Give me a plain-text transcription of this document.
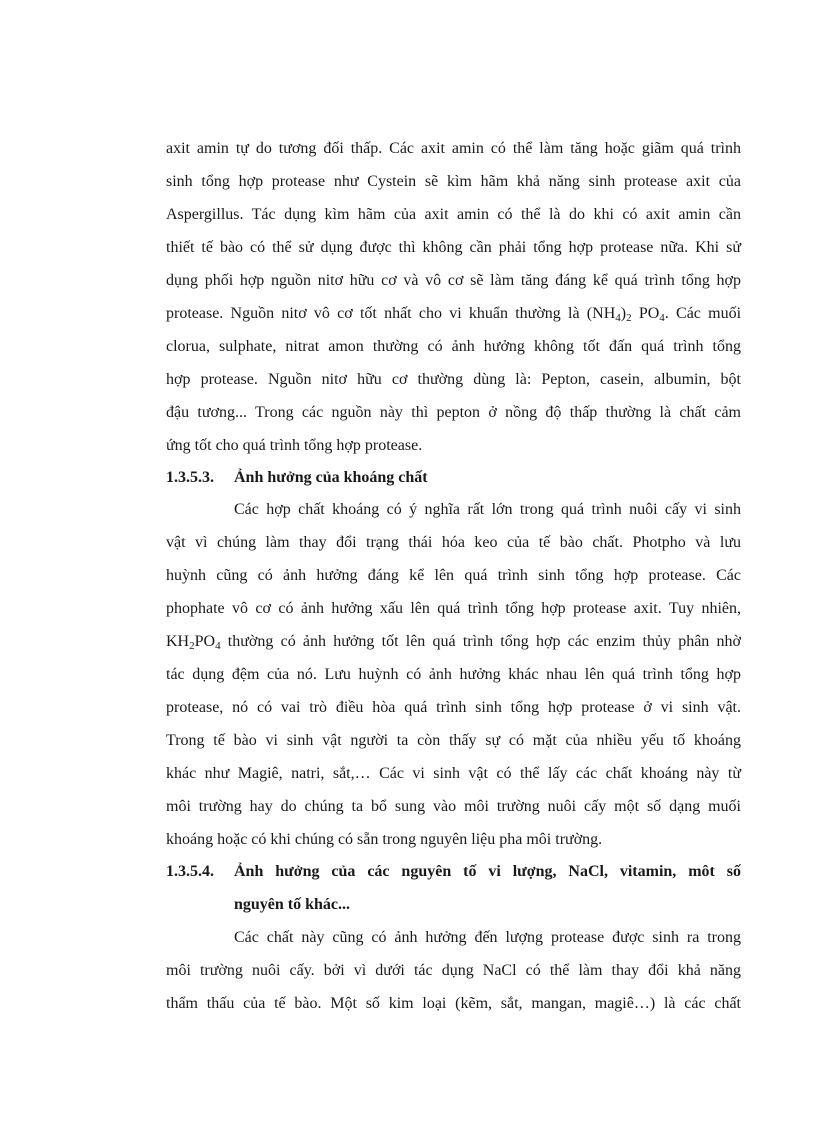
axit amin tự do tương đối thấp. Các axit amin có thể làm tăng hoặc giãm quá trình
sinh tổng hợp protease như Cystein sẽ kìm hãm khả năng sinh protease axit của
Aspergillus. Tác dụng kìm hãm của axit amin có thể là do khi có axit amin cần
thiết tế bào có thể sử dụng được thì không cần phải tổng hợp protease nữa. Khi sử
dụng phối hợp nguồn nitơ hữu cơ và vô cơ sẽ làm tăng đáng kể quá trình tổng hợp
protease. Nguồn nitơ vô cơ tốt nhất cho vi khuẩn thường là $(NH_4)_2$ $PO_4$. Các muối
clorua, sulphate, nitrat amon thường có ảnh hưởng không tốt đấn quá trình tổng
hợp protease. Nguồn nitơ hữu cơ thường dùng là: Pepton, casein, albumin, bột
đậu tương... Trong các nguồn này thì pepton ở nồng độ thấp thường là chất cảm
ứng tốt cho quá trình tổng hợp protease.
1.3.5.3. Ảnh hưởng của khoáng chất
Các hợp chất khoáng có ý nghĩa rất lớn trong quá trình nuôi cấy vi sinh
vật vì chúng làm thay đổi trạng thái hóa keo của tế bào chất. Photpho và lưu
huỳnh cũng có ảnh hưởng đáng kể lên quá trình sinh tổng hợp protease. Các
phophate vô cơ có ảnh hưởng xấu lên quá trình tổng hợp protease axit. Tuy nhiên,
$KH_2PO_4$ thường có ảnh hưởng tốt lên quá trình tổng hợp các enzim thủy phân nhờ
tác dụng đệm của nó. Lưu huỳnh có ảnh hưởng khác nhau lên quá trình tổng hợp
protease, nó có vai trò điều hòa quá trình sinh tổng hợp protease ở vi sinh vật.
Trong tế bào vi sinh vật người ta còn thấy sự có mặt của nhiều yếu tố khoáng
khác như Magiê, natri, sắt,… Các vi sinh vật có thể lấy các chất khoáng này từ
môi trường hay do chúng ta bổ sung vào môi trường nuôi cấy một số dạng muối
khoáng hoặc có khi chúng có sẵn trong nguyên liệu pha môi trường.
1.3.5.4. Ảnh hưởng của các nguyên tố vi lượng, NaCl, vitamin, môt số
nguyên tố khác...
Các chất này cũng có ảnh hưởng đến lượng protease được sinh ra trong
môi trường nuôi cấy. bởi vì dưới tác dụng NaCl có thể làm thay đổi khả năng
thẩm thấu của tế bào. Một số kim loại (kẽm, sắt, mangan, magiê…) là các chất
